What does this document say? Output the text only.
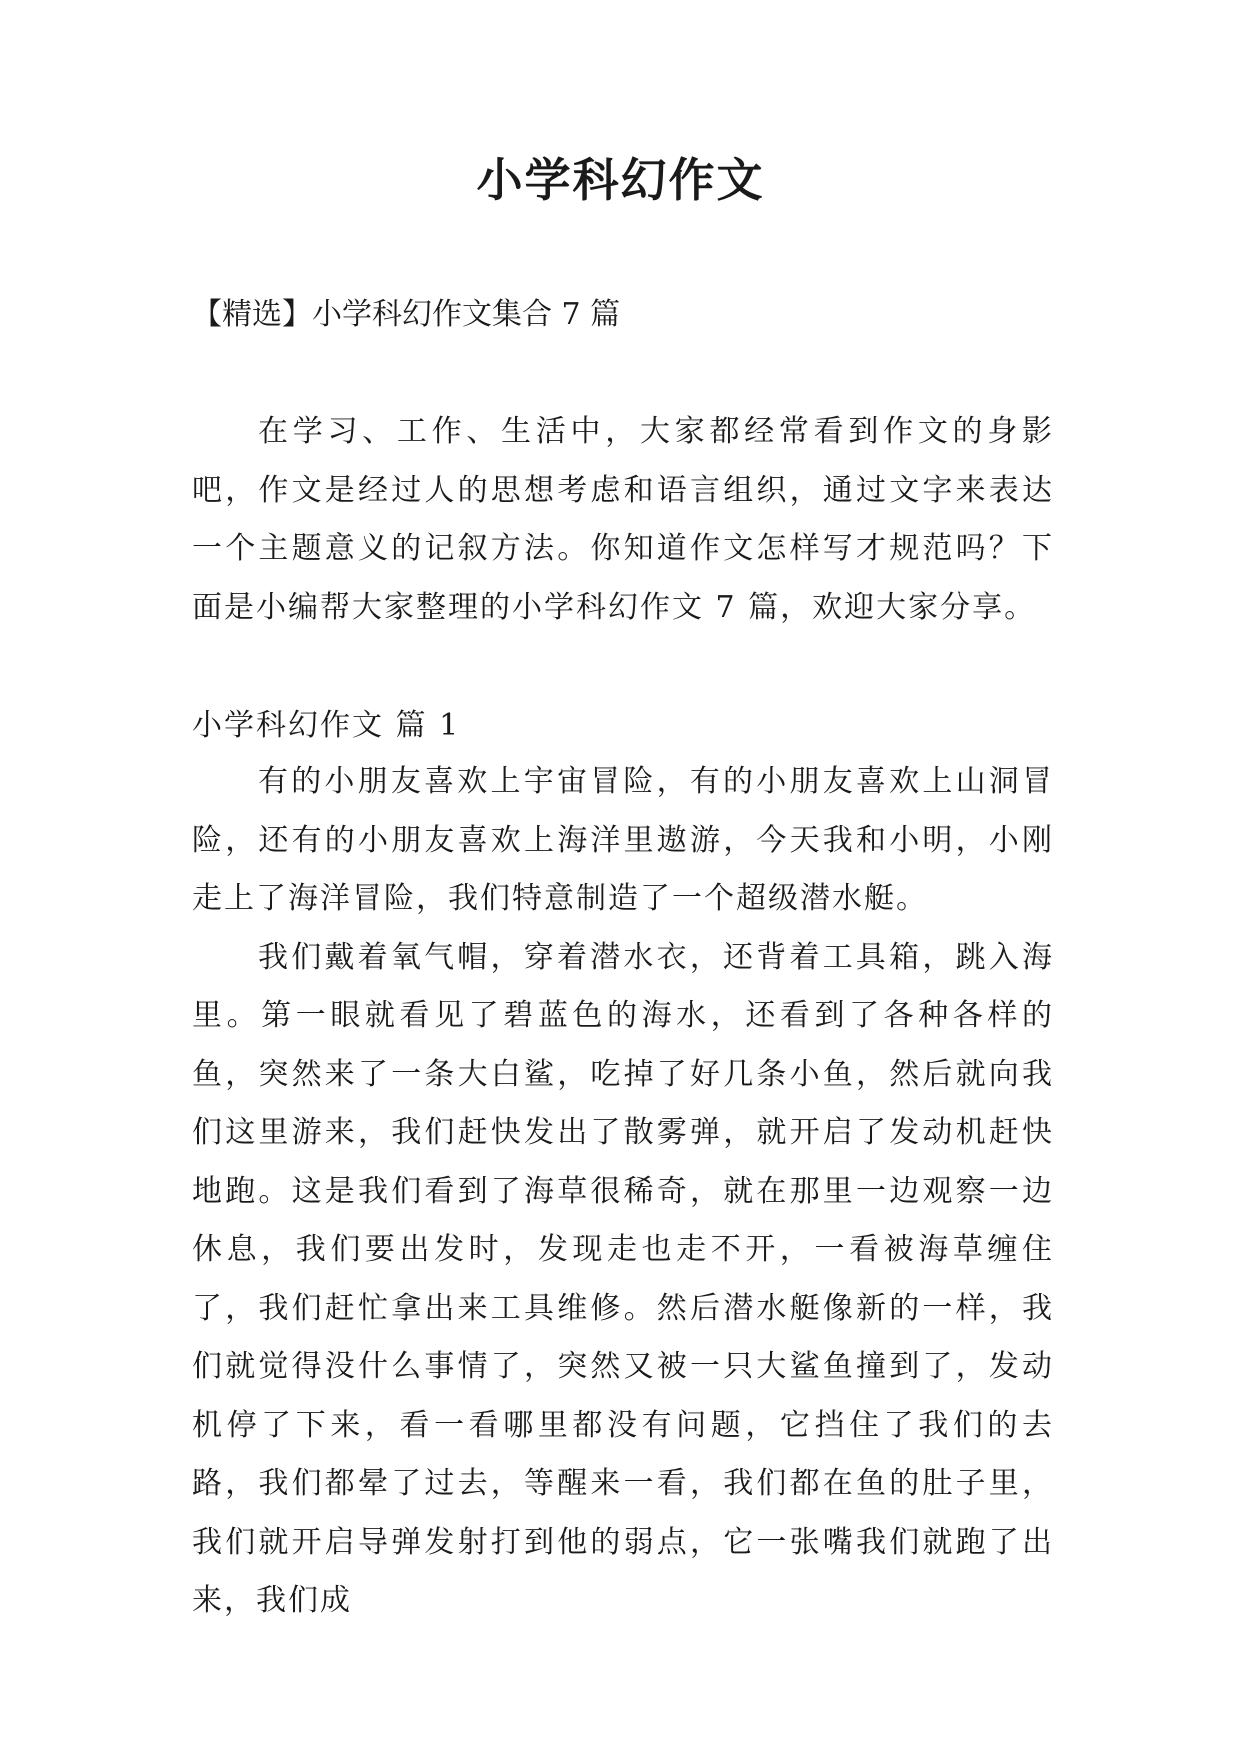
小学科幻作文

【精选】小学科幻作文集合 7 篇

在学习、工作、生活中，大家都经常看到作文的身影吧，作文是经过人的思想考虑和语言组织，通过文字来表达一个主题意义的记叙方法。你知道作文怎样写才规范吗？下面是小编帮大家整理的小学科幻作文 7 篇，欢迎大家分享。

小学科幻作文 篇 1

有的小朋友喜欢上宇宙冒险，有的小朋友喜欢上山洞冒险，还有的小朋友喜欢上海洋里遨游，今天我和小明，小刚走上了海洋冒险，我们特意制造了一个超级潜水艇。

我们戴着氧气帽，穿着潜水衣，还背着工具箱，跳入海里。第一眼就看见了碧蓝色的海水，还看到了各种各样的鱼，突然来了一条大白鲨，吃掉了好几条小鱼，然后就向我们这里游来，我们赶快发出了散雾弹，就开启了发动机赶快地跑。这是我们看到了海草很稀奇，就在那里一边观察一边休息，我们要出发时，发现走也走不开，一看被海草缠住了，我们赶忙拿出来工具维修。然后潜水艇像新的一样，我们就觉得没什么事情了，突然又被一只大鲨鱼撞到了，发动机停了下来，看一看哪里都没有问题，它挡住了我们的去路，我们都晕了过去，等醒来一看，我们都在鱼的肚子里，我们就开启导弹发射打到他的弱点，它一张嘴我们就跑了出来，我们成
